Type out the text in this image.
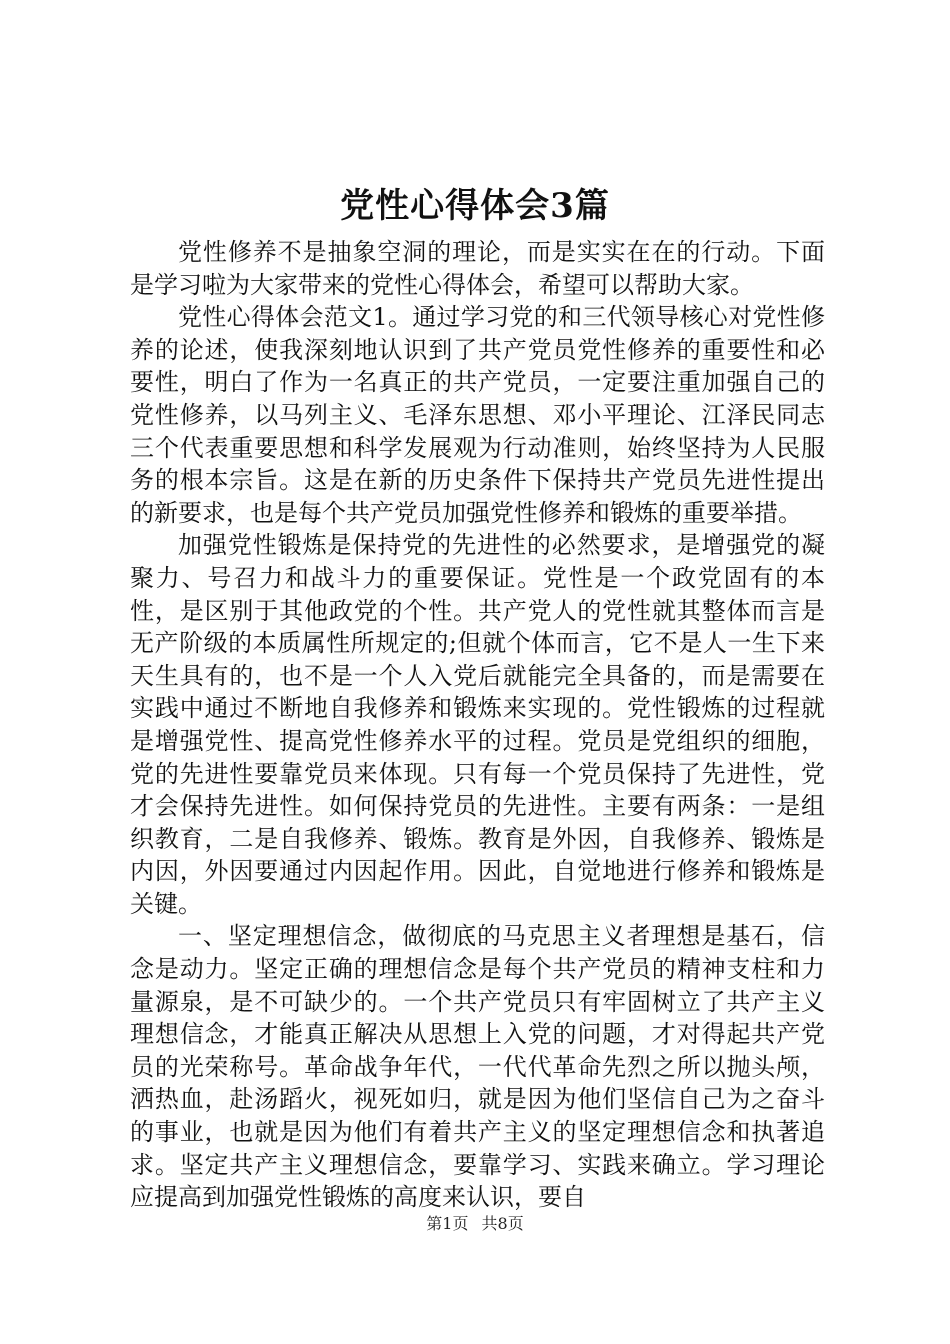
党性心得体会3篇

党性修养不是抽象空洞的理论，而是实实在在的行动。下面是学习啦为大家带来的党性心得体会，希望可以帮助大家。

党性心得体会范文1。通过学习党的和三代领导核心对党性修养的论述，使我深刻地认识到了共产党员党性修养的重要性和必要性，明白了作为一名真正的共产党员，一定要注重加强自己的党性修养，以马列主义、毛泽东思想、邓小平理论、江泽民同志三个代表重要思想和科学发展观为行动准则，始终坚持为人民服务的根本宗旨。这是在新的历史条件下保持共产党员先进性提出的新要求，也是每个共产党员加强党性修养和锻炼的重要举措。

加强党性锻炼是保持党的先进性的必然要求，是增强党的凝聚力、号召力和战斗力的重要保证。党性是一个政党固有的本性，是区别于其他政党的个性。共产党人的党性就其整体而言是无产阶级的本质属性所规定的;但就个体而言，它不是人一生下来天生具有的，也不是一个人入党后就能完全具备的，而是需要在实践中通过不断地自我修养和锻炼来实现的。党性锻炼的过程就是增强党性、提高党性修养水平的过程。党员是党组织的细胞，党的先进性要靠党员来体现。只有每一个党员保持了先进性，党才会保持先进性。如何保持党员的先进性。主要有两条：一是组织教育，二是自我修养、锻炼。教育是外因，自我修养、锻炼是内因，外因要通过内因起作用。因此，自觉地进行修养和锻炼是关键。

一、坚定理想信念，做彻底的马克思主义者理想是基石，信念是动力。坚定正确的理想信念是每个共产党员的精神支柱和力量源泉，是不可缺少的。一个共产党员只有牢固树立了共产主义理想信念，才能真正解决从思想上入党的问题，才对得起共产党员的光荣称号。革命战争年代，一代代革命先烈之所以抛头颅，洒热血，赴汤蹈火，视死如归，就是因为他们坚信自己为之奋斗的事业，也就是因为他们有着共产主义的坚定理想信念和执著追求。坚定共产主义理想信念，要靠学习、实践来确立。学习理论应提高到加强党性锻炼的高度来认识，要自

第1页 共8页
